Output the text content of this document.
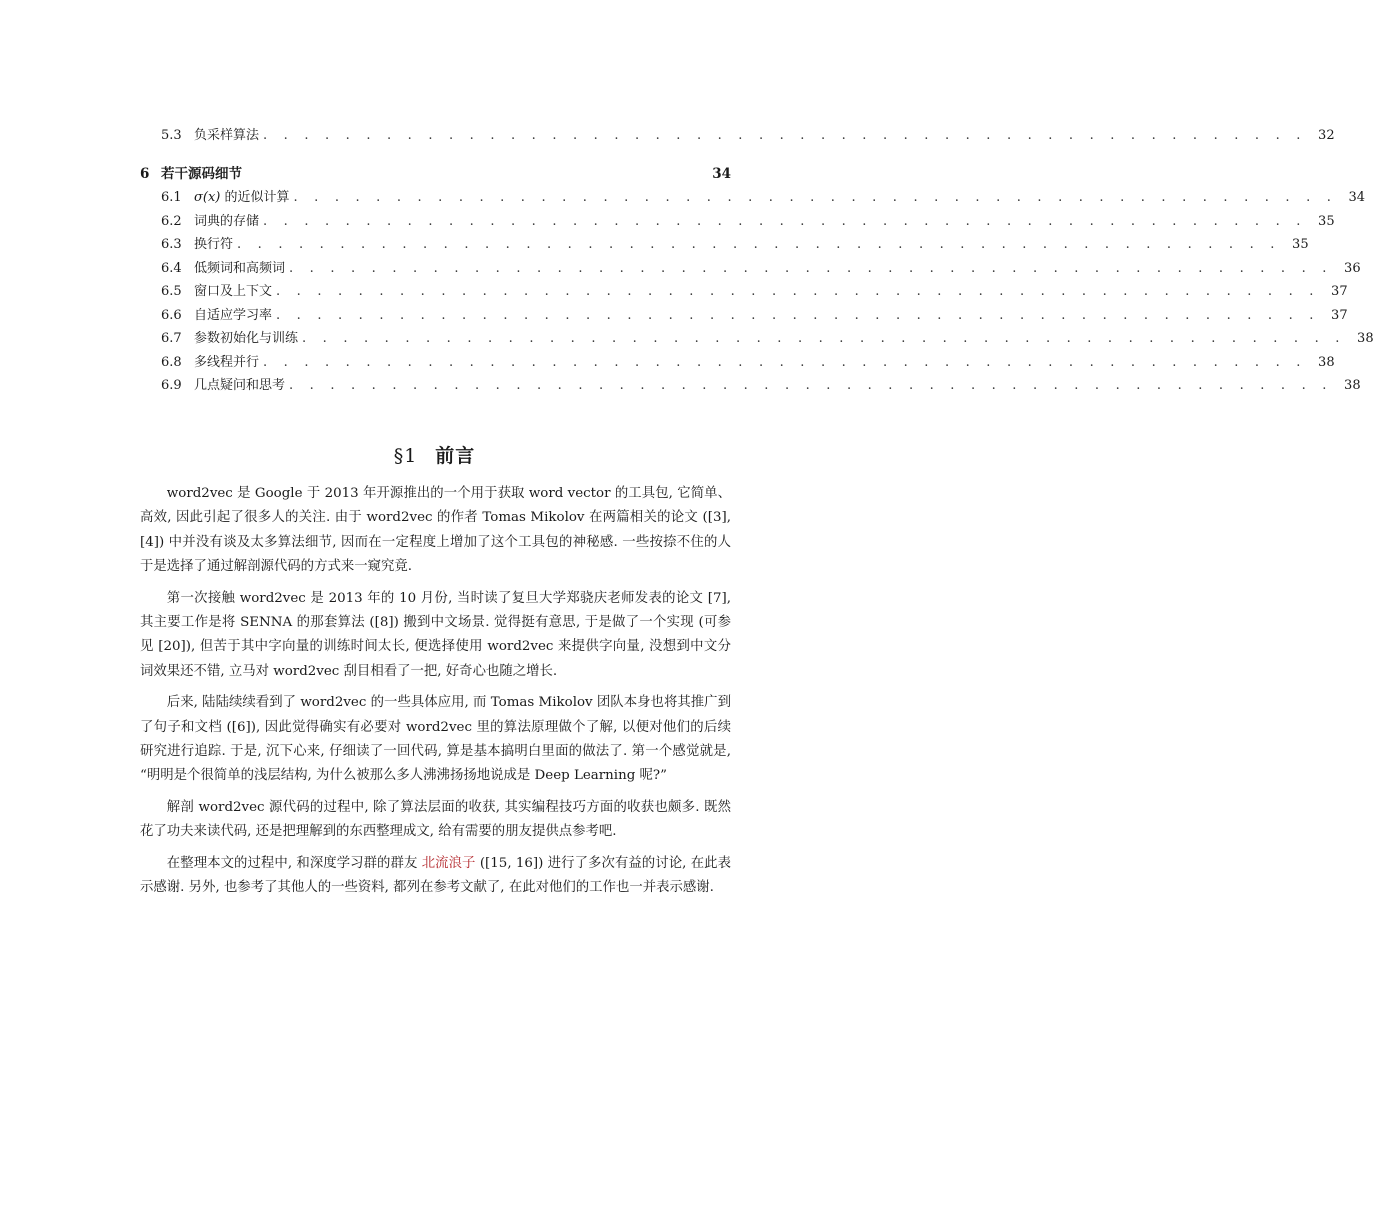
5.3 负采样算法 . . . . . . . . . . . . . . . . . . . . . . . . . . . . . . . . . . . . . . . . . . . . . . . . . . . 32
6 若干源码细节	34
6.1 σ(x) 的近似计算 . . . . . . . . . . . . . . . . . . . . . . . . . . . . . . . . . . . . . . . . . . . . . . . . . . . 34
6.2 词典的存储 . . . . . . . . . . . . . . . . . . . . . . . . . . . . . . . . . . . . . . . . . . . . . . . . . . . 35
6.3 换行符 . . . . . . . . . . . . . . . . . . . . . . . . . . . . . . . . . . . . . . . . . . . . . . . . . . . 35
6.4 低频词和高频词 . . . . . . . . . . . . . . . . . . . . . . . . . . . . . . . . . . . . . . . . . . . . . . . . . . . 36
6.5 窗口及上下文 . . . . . . . . . . . . . . . . . . . . . . . . . . . . . . . . . . . . . . . . . . . . . . . . . . . 37
6.6 自适应学习率 . . . . . . . . . . . . . . . . . . . . . . . . . . . . . . . . . . . . . . . . . . . . . . . . . . . 37
6.7 参数初始化与训练 . . . . . . . . . . . . . . . . . . . . . . . . . . . . . . . . . . . . . . . . . . . . . . . . . . . 38
6.8 多线程并行 . . . . . . . . . . . . . . . . . . . . . . . . . . . . . . . . . . . . . . . . . . . . . . . . . . . 38
6.9 几点疑问和思考 . . . . . . . . . . . . . . . . . . . . . . . . . . . . . . . . . . . . . . . . . . . . . . . . . . . 38
§1 前言

word2vec 是 Google 于 2013 年开源推出的一个用于获取 word vector 的工具包, 它简单、高效, 因此引起了很多人的关注. 由于 word2vec 的作者 Tomas Mikolov 在两篇相关的论文 ([3], [4]) 中并没有谈及太多算法细节, 因而在一定程度上增加了这个工具包的神秘感. 一些按捺不住的人于是选择了通过解剖源代码的方式来一窥究竟.

第一次接触 word2vec 是 2013 年的 10 月份, 当时读了复旦大学郑骁庆老师发表的论文 [7], 其主要工作是将 SENNA 的那套算法 ([8]) 搬到中文场景. 觉得挺有意思, 于是做了一个实现 (可参见 [20]), 但苦于其中字向量的训练时间太长, 便选择使用 word2vec 来提供字向量, 没想到中文分词效果还不错, 立马对 word2vec 刮目相看了一把, 好奇心也随之增长.

后来, 陆陆续续看到了 word2vec 的一些具体应用, 而 Tomas Mikolov 团队本身也将其推广到了句子和文档 ([6]), 因此觉得确实有必要对 word2vec 里的算法原理做个了解, 以便对他们的后续研究进行追踪. 于是, 沉下心来, 仔细读了一回代码, 算是基本搞明白里面的做法了. 第一个感觉就是, “明明是个很简单的浅层结构, 为什么被那么多人沸沸扬扬地说成是 Deep Learning 呢?”

解剖 word2vec 源代码的过程中, 除了算法层面的收获, 其实编程技巧方面的收获也颇多. 既然花了功夫来读代码, 还是把理解到的东西整理成文, 给有需要的朋友提供点参考吧.

在整理本文的过程中, 和深度学习群的群友 北流浪子 ([15, 16]) 进行了多次有益的讨论, 在此表示感谢. 另外, 也参考了其他人的一些资料, 都列在参考文献了, 在此对他们的工作也一并表示感谢.
